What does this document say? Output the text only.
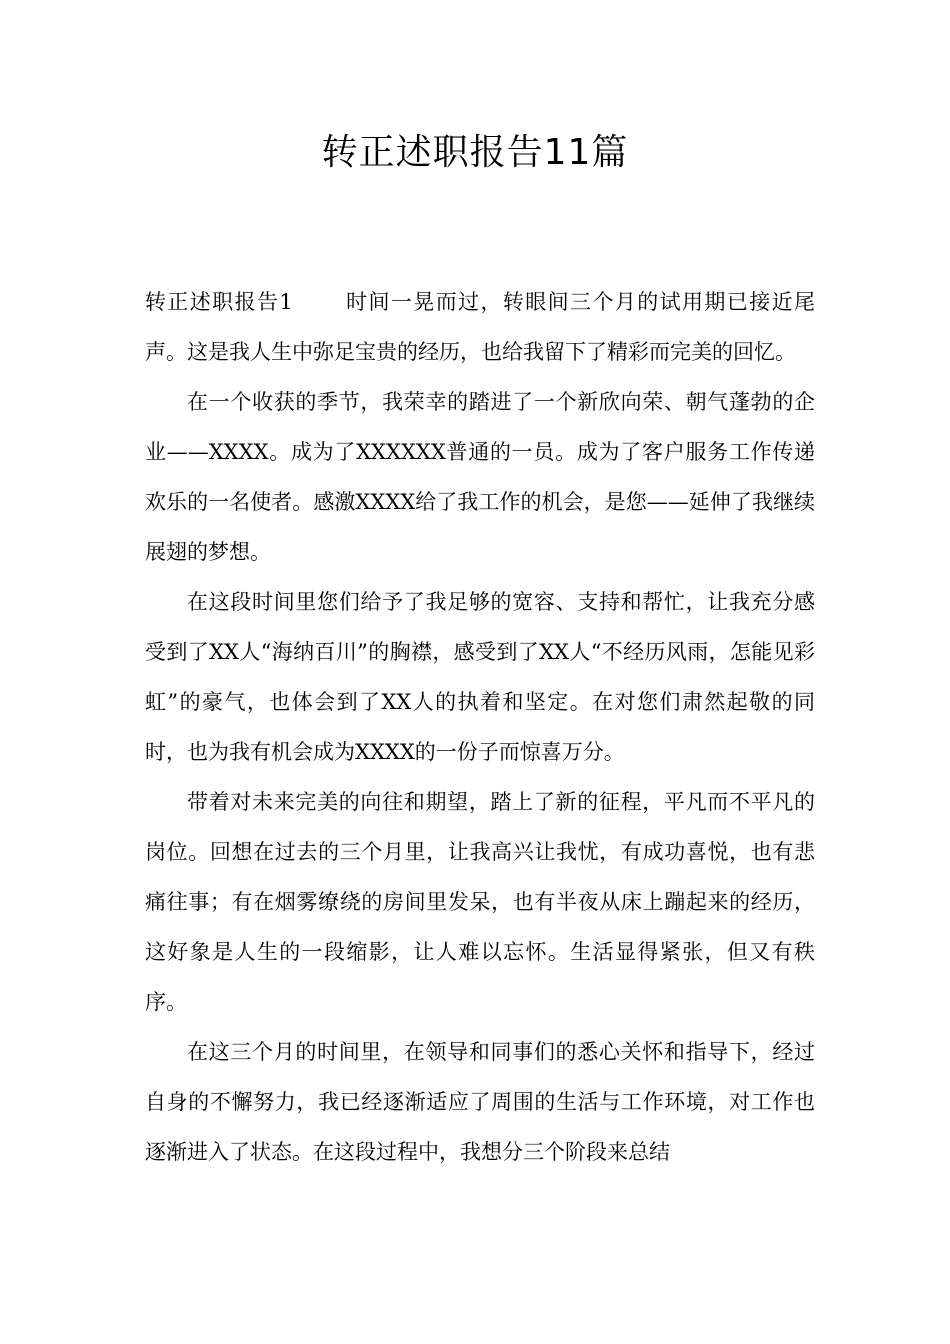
转正述职报告11篇

转正述职报告1 时间一晃而过，转眼间三个月的试用期已接近尾声。这是我人生中弥足宝贵的经历，也给我留下了精彩而完美的回忆。

在一个收获的季节，我荣幸的踏进了一个新欣向荣、朝气蓬勃的企业——XXXX。成为了XXXXXX普通的一员。成为了客户服务工作传递欢乐的一名使者。感激XXXX给了我工作的机会，是您——延伸了我继续展翅的梦想。

在这段时间里您们给予了我足够的宽容、支持和帮忙，让我充分感受到了XX人“海纳百川”的胸襟，感受到了XX人“不经历风雨，怎能见彩虹”的豪气，也体会到了XX人的执着和坚定。在对您们肃然起敬的同时，也为我有机会成为XXXX的一份子而惊喜万分。

带着对未来完美的向往和期望，踏上了新的征程，平凡而不平凡的岗位。回想在过去的三个月里，让我高兴让我忧，有成功喜悦，也有悲痛往事；有在烟雾缭绕的房间里发呆，也有半夜从床上蹦起来的经历，这好象是人生的一段缩影，让人难以忘怀。生活显得紧张，但又有秩序。

在这三个月的时间里，在领导和同事们的悉心关怀和指导下，经过自身的不懈努力，我已经逐渐适应了周围的生活与工作环境，对工作也逐渐进入了状态。在这段过程中，我想分三个阶段来总结
